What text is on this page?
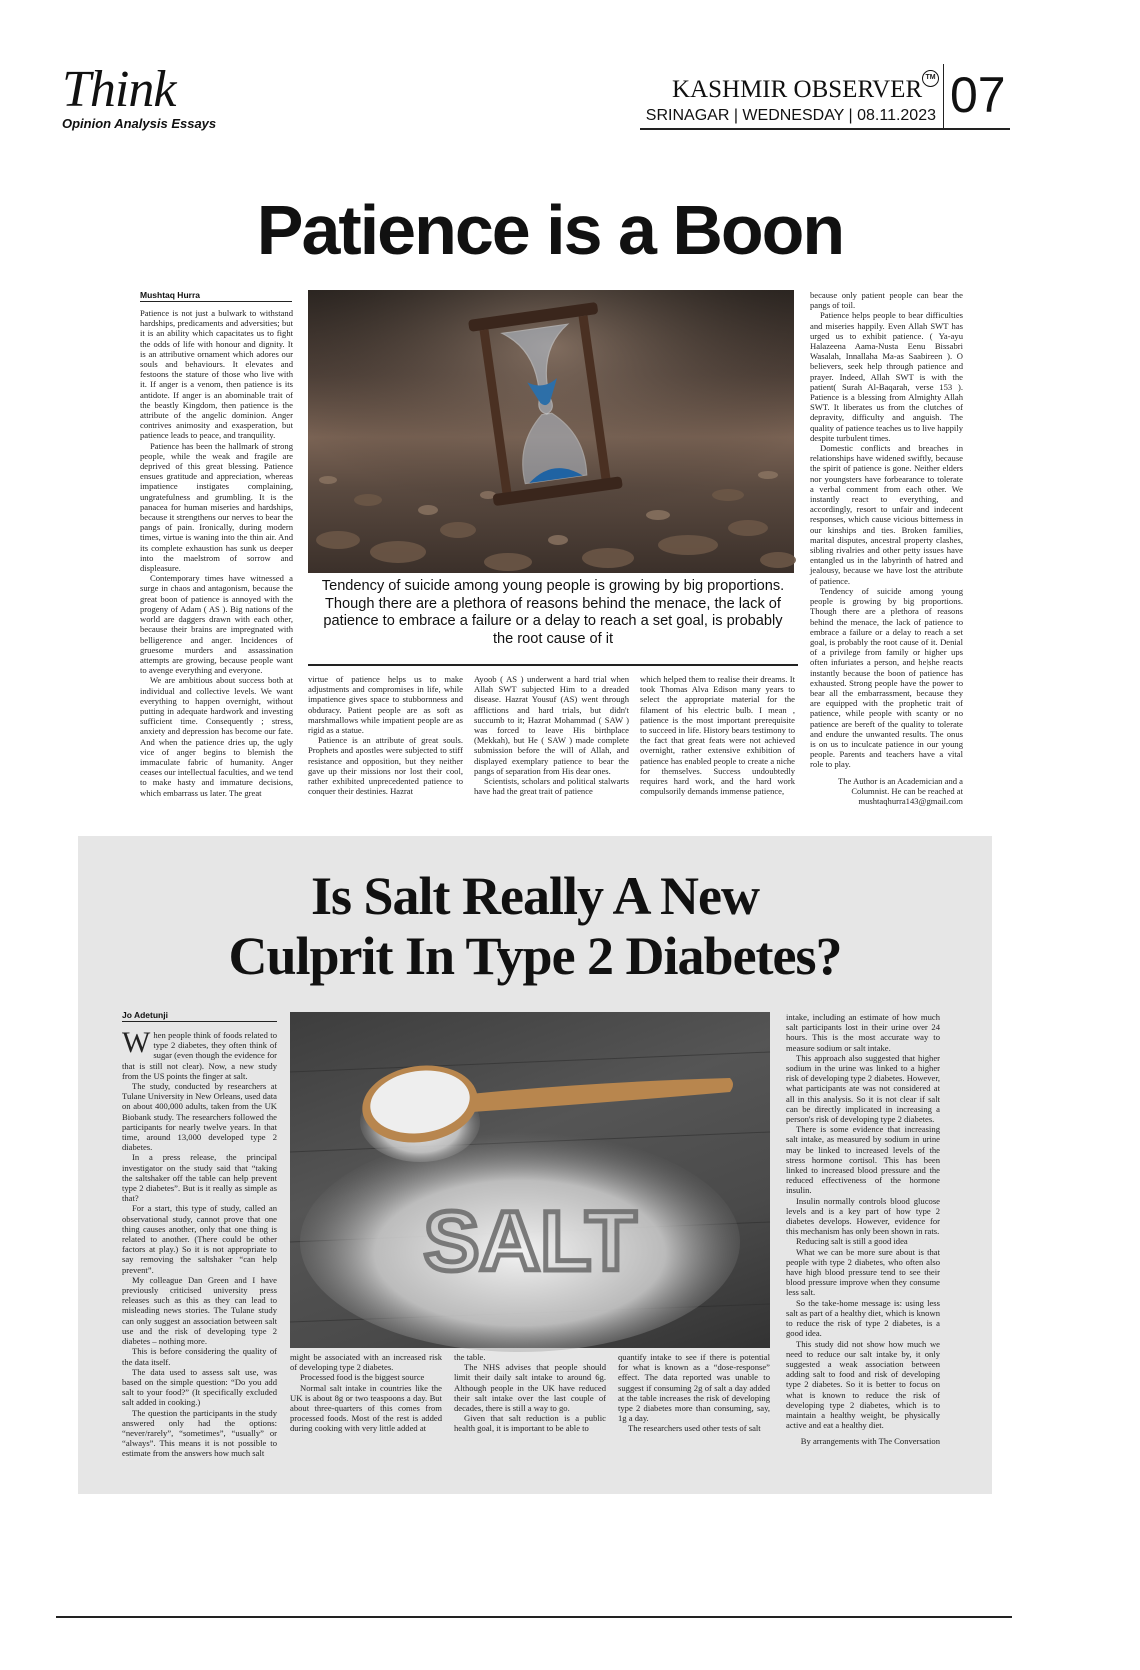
Think
Opinion Analysis Essays
KASHMIR OBSERVER TM
SRINAGAR | WEDNESDAY | 08.11.2023 07
Patience is a Boon
Mushtaq Hurra
Tendency of suicide among young people is growing by big proportions. Though there are a plethora of reasons behind the menace, the lack of patience to embrace a failure or a delay to reach a set goal, is probably the root cause of it

Patience is not just a bulwark to withstand hardships, predicaments and adversities; but it is an ability which capacitates us to fight the odds of life with honour and dignity. It is an attributive ornament which adores our souls and behaviours. It elevates and festoons the stature of those who live with it. If anger is a venom, then patience is its antidote. If anger is an abominable trait of the beastly Kingdom, then patience is the attribute of the angelic dominion. Anger contrives animosity and exasperation, but patience leads to peace, and tranquility.

Patience has been the hallmark of strong people, while the weak and fragile are deprived of this great blessing. Patience ensues gratitude and appreciation, whereas impatience instigates complaining, ungratefulness and grumbling. It is the panacea for human miseries and hardships, because it strengthens our nerves to bear the pangs of pain. Ironically, during modern times, virtue is waning into the thin air. And its complete exhaustion has sunk us deeper into the maelstrom of sorrow and displeasure.

Contemporary times have witnessed a surge in chaos and antagonism, because the great boon of patience is annoyed with the progeny of Adam ( AS ). Big nations of the world are daggers drawn with each other, because their brains are impregnated with belligerence and anger. Incidences of gruesome murders and assassination attempts are growing, because people want to avenge everything and everyone.

We are ambitious about success both at individual and collective levels. We want everything to happen overnight, without putting in adequate hardwork and investing sufficient time. Consequently ; stress, anxiety and depression has become our fate. And when the patience dries up, the ugly vice of anger begins to blemish the immaculate fabric of humanity. Anger ceases our intellectual faculties, and we tend to make hasty and immature decisions, which embarrass us later. The great

virtue of patience helps us to make adjustments and compromises in life, while impatience gives space to stubbornness and obduracy. Patient people are as soft as marshmallows while impatient people are as rigid as a statue.

Patience is an attribute of great souls. Prophets and apostles were subjected to stiff resistance and opposition, but they neither gave up their missions nor lost their cool, rather exhibited unprecedented patience to conquer their destinies. Hazrat

Ayoob ( AS ) underwent a hard trial when Allah SWT subjected Him to a dreaded disease. Hazrat Yousuf (AS) went through afflictions and hard trials, but didn't succumb to it; Hazrat Mohammad ( SAW ) was forced to leave His birthplace (Mekkah), but He ( SAW ) made complete submission before the will of Allah, and displayed exemplary patience to bear the pangs of separation from His dear ones.

Scientists, scholars and political stalwarts have had the great trait of patience

which helped them to realise their dreams. It took Thomas Alva Edison many years to select the appropriate material for the filament of his electric bulb. I mean , patience is the most important prerequisite to succeed in life. History bears testimony to the fact that great feats were not achieved overnight, rather extensive exhibition of patience has enabled people to create a niche for themselves. Success undoubtedly requires hard work, and the hard work compulsorily demands immense patience,

because only patient people can bear the pangs of toil.

Patience helps people to bear difficulties and miseries happily. Even Allah SWT has urged us to exhibit patience. ( Ya-ayu Halazeena Aama-Nusta Eenu Bissabri Wasalah, Innallaha Ma-as Saabireen ). O believers, seek help through patience and prayer. Indeed, Allah SWT is with the patient( Surah Al-Baqarah, verse 153 ). Patience is a blessing from Almighty Allah SWT. It liberates us from the clutches of depravity, difficulty and anguish. The quality of patience teaches us to live happily despite turbulent times.

Domestic conflicts and breaches in relationships have widened swiftly, because the spirit of patience is gone. Neither elders nor youngsters have forbearance to tolerate a verbal comment from each other. We instantly react to everything, and accordingly, resort to unfair and indecent responses, which cause vicious bitterness in our kinships and ties. Broken families, marital disputes, ancestral property clashes, sibling rivalries and other petty issues have entangled us in the labyrinth of hatred and jealousy, because we have lost the attribute of patience.

Tendency of suicide among young people is growing by big proportions. Though there are a plethora of reasons behind the menace, the lack of patience to embrace a failure or a delay to reach a set goal, is probably the root cause of it. Denial of a privilege from family or higher ups often infuriates a person, and he|she reacts instantly because the boon of patience has exhausted. Strong people have the power to bear all the embarrassment, because they are equipped with the prophetic trait of patience, while people with scanty or no patience are bereft of the quality to tolerate and endure the unwanted results. The onus is on us to inculcate patience in our young people. Parents and teachers have a vital role to play.

The Author is an Academician and a Columnist. He can be reached at mushtaqhurra143@gmail.com

Is Salt Really A New
Culprit In Type 2 Diabetes?
Jo Adetunji
SALT

When people think of foods related to type 2 diabetes, they often think of sugar (even though the evidence for that is still not clear). Now, a new study from the US points the finger at salt.

The study, conducted by researchers at Tulane University in New Orleans, used data on about 400,000 adults, taken from the UK Biobank study. The researchers followed the participants for nearly twelve years. In that time, around 13,000 developed type 2 diabetes.

In a press release, the principal investigator on the study said that “taking the saltshaker off the table can help prevent type 2 diabetes”. But is it really as simple as that?

For a start, this type of study, called an observational study, cannot prove that one thing causes another, only that one thing is related to another. (There could be other factors at play.) So it is not appropriate to say removing the saltshaker “can help prevent”.

My colleague Dan Green and I have previously criticised university press releases such as this as they can lead to misleading news stories. The Tulane study can only suggest an association between salt use and the risk of developing type 2 diabetes – nothing more.

This is before considering the quality of the data itself.

The data used to assess salt use, was based on the simple question: “Do you add salt to your food?” (It specifically excluded salt added in cooking.)

The question the participants in the study answered only had the options: “never/rarely”, “sometimes”, “usually” or “always”. This means it is not possible to estimate from the answers how much salt

might be associated with an increased risk of developing type 2 diabetes.

Processed food is the biggest source

Normal salt intake in countries like the UK is about 8g or two teaspoons a day. But about three-quarters of this comes from processed foods. Most of the rest is added during cooking with very little added at

the table.

The NHS advises that people should limit their daily salt intake to around 6g. Although people in the UK have reduced their salt intake over the last couple of decades, there is still a way to go.

Given that salt reduction is a public health goal, it is important to be able to

quantify intake to see if there is potential for what is known as a “dose-response” effect. The data reported was unable to suggest if consuming 2g of salt a day added at the table increases the risk of developing type 2 diabetes more than consuming, say, 1g a day.

The researchers used other tests of salt

intake, including an estimate of how much salt participants lost in their urine over 24 hours. This is the most accurate way to measure sodium or salt intake.

This approach also suggested that higher sodium in the urine was linked to a higher risk of developing type 2 diabetes. However, what participants ate was not considered at all in this analysis. So it is not clear if salt can be directly implicated in increasing a person's risk of developing type 2 diabetes.

There is some evidence that increasing salt intake, as measured by sodium in urine may be linked to increased levels of the stress hormone cortisol. This has been linked to increased blood pressure and the reduced effectiveness of the hormone insulin.

Insulin normally controls blood glucose levels and is a key part of how type 2 diabetes develops. However, evidence for this mechanism has only been shown in rats.

Reducing salt is still a good idea

What we can be more sure about is that people with type 2 diabetes, who often also have high blood pressure tend to see their blood pressure improve when they consume less salt.

So the take-home message is: using less salt as part of a healthy diet, which is known to reduce the risk of type 2 diabetes, is a good idea.

This study did not show how much we need to reduce our salt intake by, it only suggested a weak association between adding salt to food and risk of developing type 2 diabetes. So it is better to focus on what is known to reduce the risk of developing type 2 diabetes, which is to maintain a healthy weight, be physically active and eat a healthy diet.

By arrangements with The Conversation
